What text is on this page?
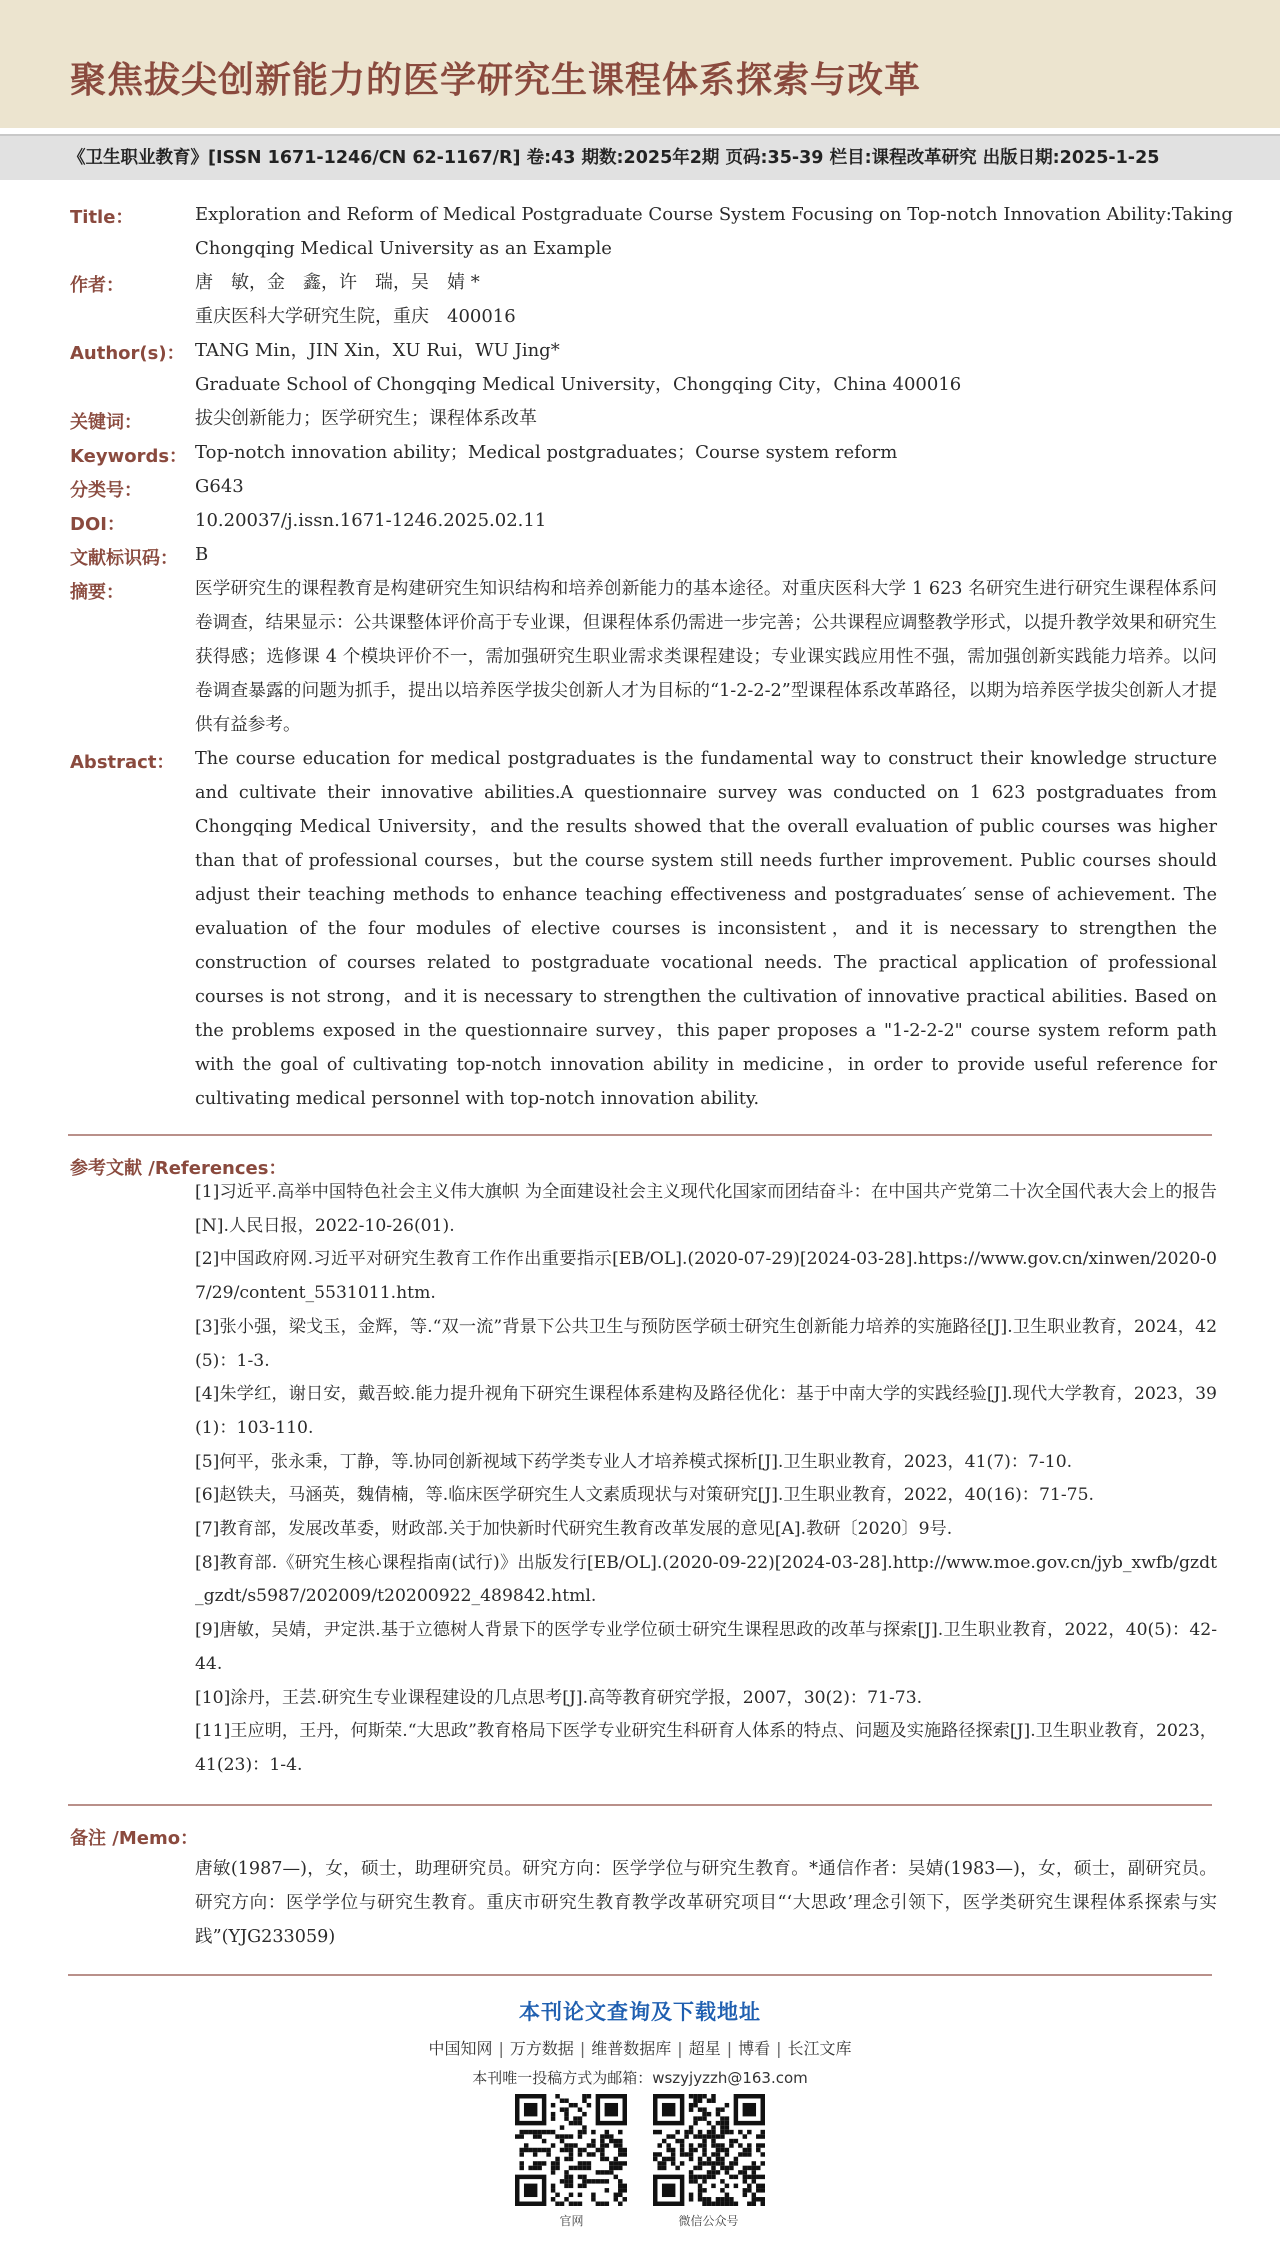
聚焦拔尖创新能力的医学研究生课程体系探索与改革
《卫生职业教育》[ISSN 1671-1246/CN 62-1167/R] 卷:43 期数:2025年2期 页码:35-39 栏目:课程改革研究 出版日期:2025-1-25
Title：	Exploration and Reform of Medical Postgraduate Course System Focusing on Top-notch Innovation Ability:Taking
Chongqing Medical University as an Example
作者：	唐　敏，金　鑫，许　瑞，吴　婧 *
重庆医科大学研究生院，重庆　400016
Author(s)： TANG Min，JIN Xin，XU Rui，WU Jing*
Graduate School of Chongqing Medical University，Chongqing City，China 400016
关键词：	拔尖创新能力；医学研究生；课程体系改革
Keywords： Top-notch innovation ability；Medical postgraduates；Course system reform
分类号：	G643
DOI：	10.20037/j.issn.1671-1246.2025.02.11
文献标识码： B
摘要：	医学研究生的课程教育是构建研究生知识结构和培养创新能力的基本途径。对重庆医科大学 1 623 名研究生进行研究生课程体系问卷调查，结果显示：公共课整体评价高于专业课，但课程体系仍需进一步完善；公共课程应调整教学形式，以提升教学效果和研究生获得感；选修课 4 个模块评价不一，需加强研究生职业需求类课程建设；专业课实践应用性不强，需加强创新实践能力培养。以问卷调查暴露的问题为抓手，提出以培养医学拔尖创新人才为目标的“1-2-2-2”型课程体系改革路径，以期为培养医学拔尖创新人才提供有益参考。
Abstract： The course education for medical postgraduates is the fundamental way to construct their knowledge structure and cultivate their innovative abilities.A questionnaire survey was conducted on 1 623 postgraduates from Chongqing Medical University，and the results showed that the overall evaluation of public courses was higher than that of professional courses，but the course system still needs further improvement. Public courses should adjust their teaching methods to enhance teaching effectiveness and postgraduates′ sense of achievement. The evaluation of the four modules of elective courses is inconsistent，and it is necessary to strengthen the construction of courses related to postgraduate vocational needs. The practical application of professional courses is not strong，and it is necessary to strengthen the cultivation of innovative practical abilities. Based on the problems exposed in the questionnaire survey，this paper proposes a "1-2-2-2" course system reform path with the goal of cultivating top-notch innovation ability in medicine，in order to provide useful reference for cultivating medical personnel with top-notch innovation ability.
参考文献 /References：
[1]习近平.高举中国特色社会主义伟大旗帜 为全面建设社会主义现代化国家而团结奋斗：在中国共产党第二十次全国代表大会上的报告[N].人民日报，2022-10-26(01).
[2]中国政府网.习近平对研究生教育工作作出重要指示[EB/OL].(2020-07-29)[2024-03-28].https://www.gov.cn/xinwen/2020-07/29/content_5531011.htm.
[3]张小强，梁戈玉，金辉，等.“双一流”背景下公共卫生与预防医学硕士研究生创新能力培养的实施路径[J].卫生职业教育，2024，42(5)：1-3.
[4]朱学红，谢日安，戴吾蛟.能力提升视角下研究生课程体系建构及路径优化：基于中南大学的实践经验[J].现代大学教育，2023，39(1)：103-110.
[5]何平，张永秉，丁静，等.协同创新视域下药学类专业人才培养模式探析[J].卫生职业教育，2023，41(7)：7-10.
[6]赵铁夫，马涵英，魏倩楠，等.临床医学研究生人文素质现状与对策研究[J].卫生职业教育，2022，40(16)：71-75.
[7]教育部，发展改革委，财政部.关于加快新时代研究生教育改革发展的意见[A].教研〔2020〕9号.
[8]教育部.《研究生核心课程指南(试行)》出版发行[EB/OL].(2020-09-22)[2024-03-28].http://www.moe.gov.cn/jyb_xwfb/gzdt_gzdt/s5987/202009/t20200922_489842.html.
[9]唐敏，吴婧，尹定洪.基于立德树人背景下的医学专业学位硕士研究生课程思政的改革与探索[J].卫生职业教育，2022，40(5)：42-44.
[10]涂丹，王芸.研究生专业课程建设的几点思考[J].高等教育研究学报，2007，30(2)：71-73.
[11]王应明，王丹，何斯荣.“大思政”教育格局下医学专业研究生科研育人体系的特点、问题及实施路径探索[J].卫生职业教育，2023，41(23)：1-4.
备注 /Memo：
唐敏(1987—)，女，硕士，助理研究员。研究方向：医学学位与研究生教育。*通信作者：吴婧(1983—)，女，硕士，副研究员。研究方向：医学学位与研究生教育。重庆市研究生教育教学改革研究项目“‘大思政’理念引领下，医学类研究生课程体系探索与实践”(YJG233059)
本刊论文查询及下载地址
中国知网 | 万方数据 | 维普数据库 | 超星 | 博看 | 长江文库
本刊唯一投稿方式为邮箱：wszyjyzzh@163.com
官网
	微信公众号
